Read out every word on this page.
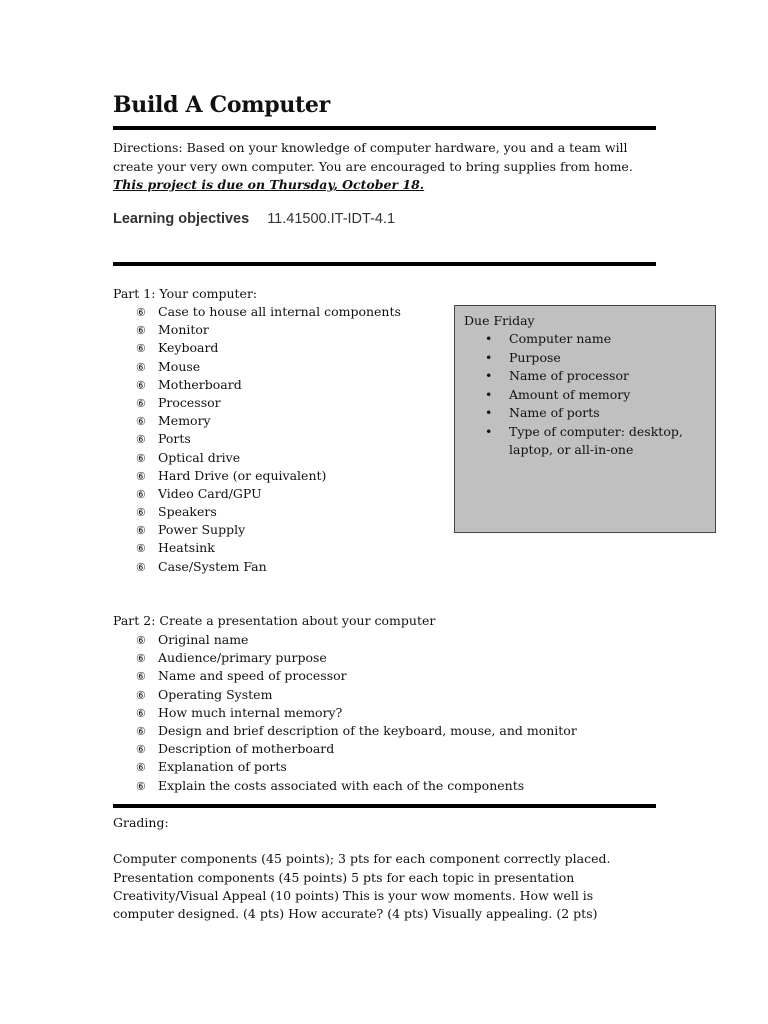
Build A Computer
Directions: Based on your knowledge of computer hardware, you and a team will create your very own computer. You are encouraged to bring supplies from home.
This project is due on Thursday, October 18.
Learning objectives 11.41500.IT-IDT-4.1
Part 1: Your computer:
⑥ Case to house all internal components
⑥ Monitor
⑥ Keyboard
⑥ Mouse
⑥ Motherboard
⑥ Processor
⑥ Memory
⑥ Ports
⑥ Optical drive
⑥ Hard Drive (or equivalent)
⑥ Video Card/GPU
⑥ Speakers
⑥ Power Supply
⑥ Heatsink
⑥ Case/System Fan
Due Friday
• Computer name
• Purpose
• Name of processor
• Amount of memory
• Name of ports
• Type of computer: desktop, laptop, or all-in-one
Part 2: Create a presentation about your computer
⑥ Original name
⑥ Audience/primary purpose
⑥ Name and speed of processor
⑥ Operating System
⑥ How much internal memory?
⑥ Design and brief description of the keyboard, mouse, and monitor
⑥ Description of motherboard
⑥ Explanation of ports
⑥ Explain the costs associated with each of the components

Grading:

Computer components (45 points); 3 pts for each component correctly placed.

Presentation components (45 points) 5 pts for each topic in presentation

Creativity/Visual Appeal (10 points) This is your wow moments. How well is

computer designed. (4 pts) How accurate? (4 pts) Visually appealing. (2 pts)
